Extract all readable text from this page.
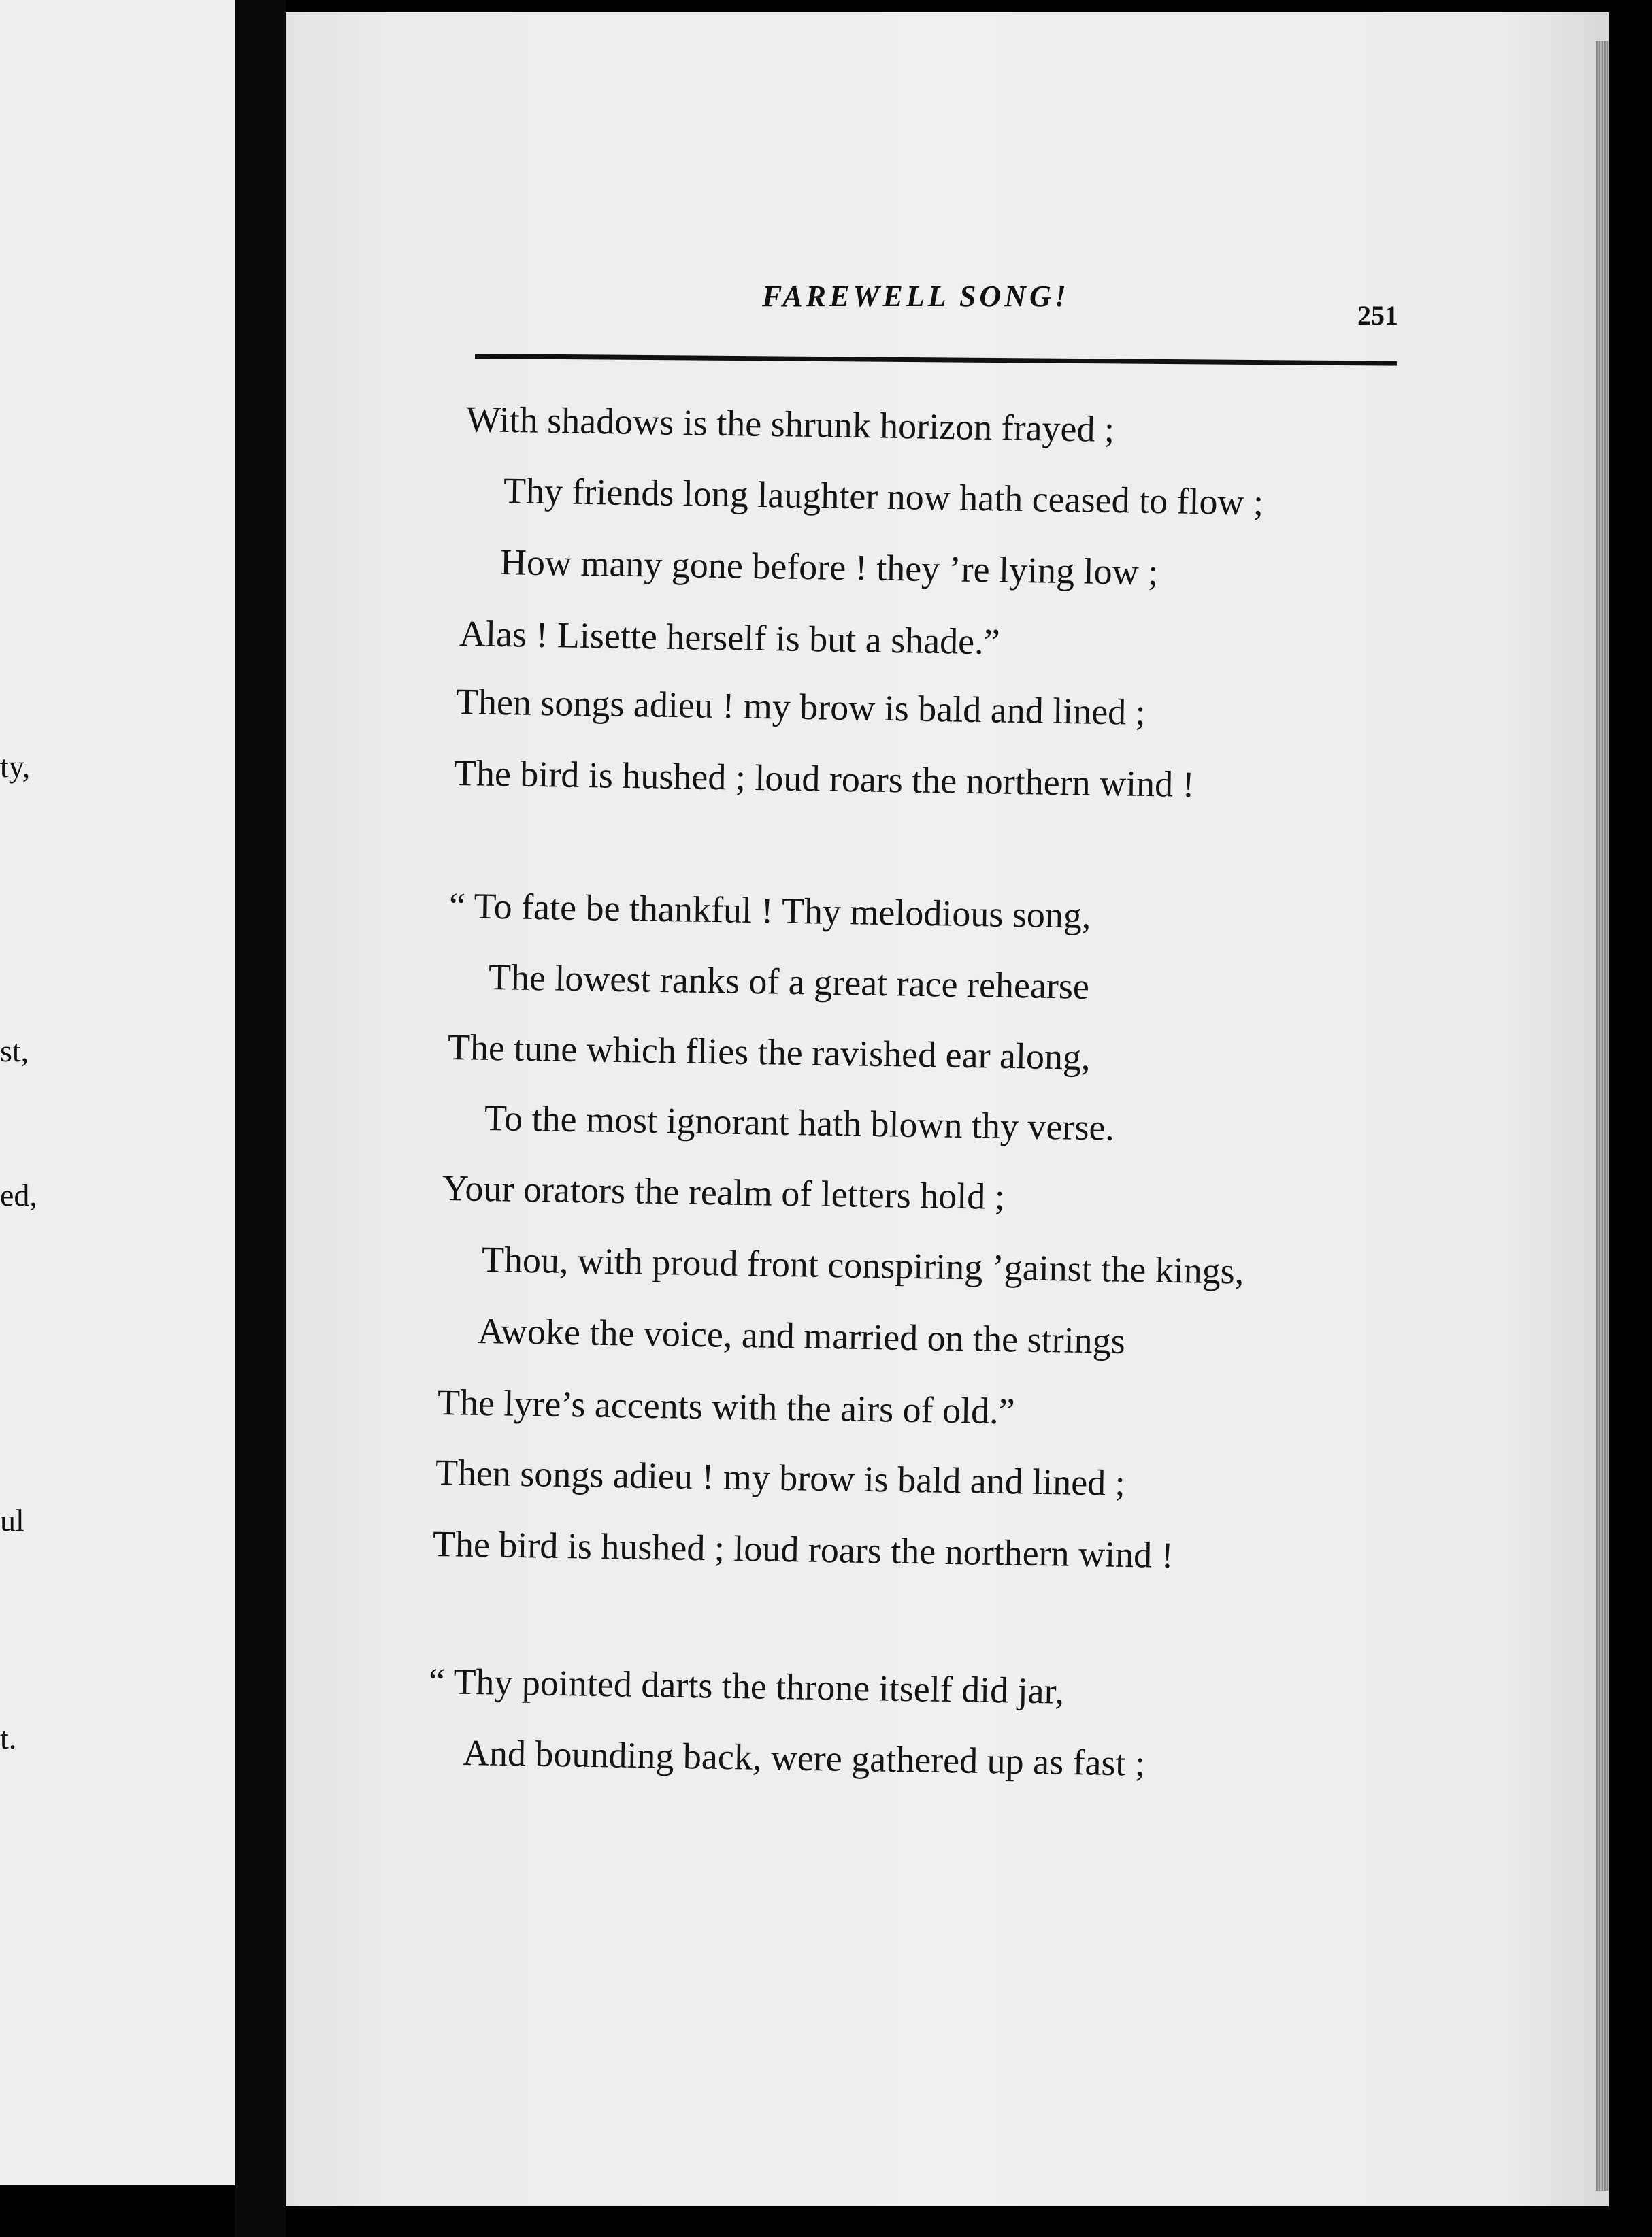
ty,
st,
ed,
ul
t.
FAREWELL SONG!
251
With shadows is the shrunk horizon frayed ;
Thy friends long laughter now hath ceased to flow ;
How many gone before ! they ’re lying low ;
Alas ! Lisette herself is but a shade.”
Then songs adieu ! my brow is bald and lined ;
The bird is hushed ; loud roars the northern wind !
“ To fate be thankful ! Thy melodious song,
The lowest ranks of a great race rehearse
The tune which flies the ravished ear along,
To the most ignorant hath blown thy verse.
Your orators the realm of letters hold ;
Thou, with proud front conspiring ’gainst the kings,
Awoke the voice, and married on the strings
The lyre’s accents with the airs of old.”
Then songs adieu ! my brow is bald and lined ;
The bird is hushed ; loud roars the northern wind !
“ Thy pointed darts the throne itself did jar,
And bounding back, were gathered up as fast ;
